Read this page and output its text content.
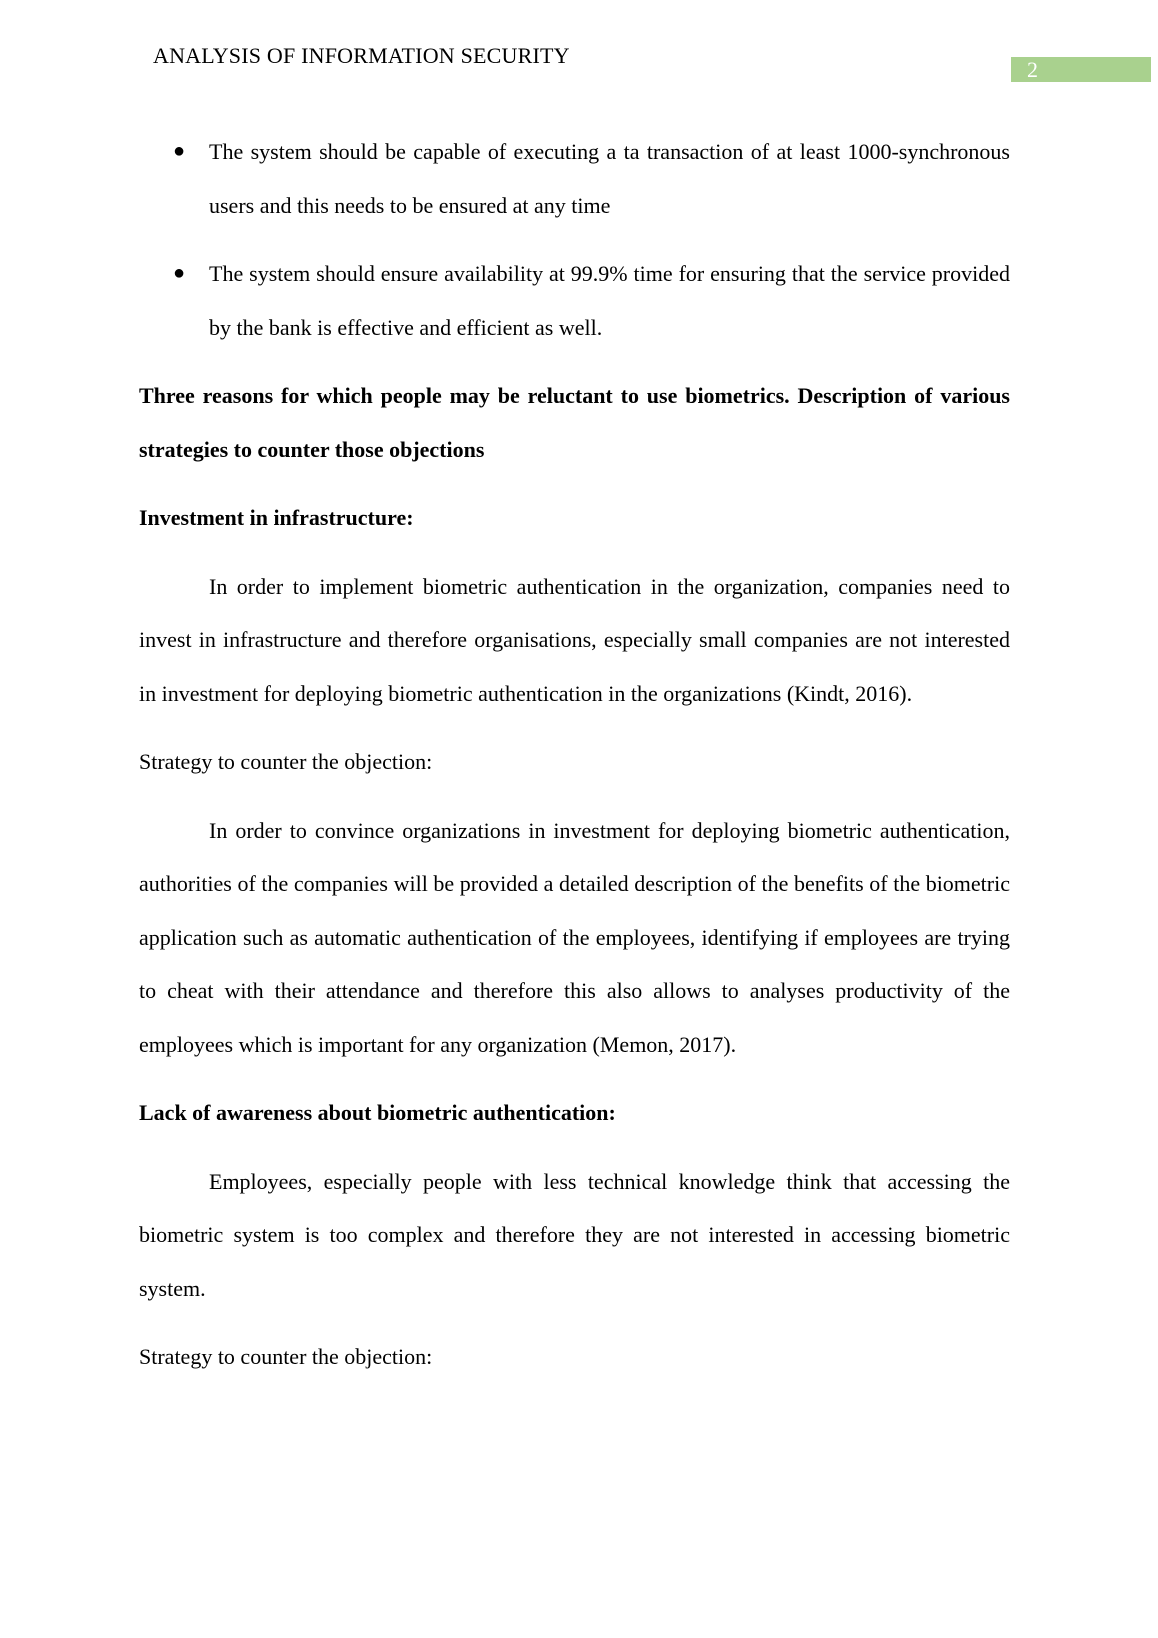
ANALYSIS OF INFORMATION SECURITY
2
● The system should be capable of executing a ta transaction of at least 1000-synchronous users and this needs to be ensured at any time
● The system should ensure availability at 99.9% time for ensuring that the service provided by the bank is effective and efficient as well.

Three reasons for which people may be reluctant to use biometrics. Description of various strategies to counter those objections

Investment in infrastructure:

In order to implement biometric authentication in the organization, companies need to invest in infrastructure and therefore organisations, especially small companies are not interested in investment for deploying biometric authentication in the organizations (Kindt, 2016).

Strategy to counter the objection:

In order to convince organizations in investment for deploying biometric authentication, authorities of the companies will be provided a detailed description of the benefits of the biometric application such as automatic authentication of the employees, identifying if employees are trying to cheat with their attendance and therefore this also allows to analyses productivity of the employees which is important for any organization (Memon, 2017).

Lack of awareness about biometric authentication:

Employees, especially people with less technical knowledge think that accessing the biometric system is too complex and therefore they are not interested in accessing biometric system.

Strategy to counter the objection:
